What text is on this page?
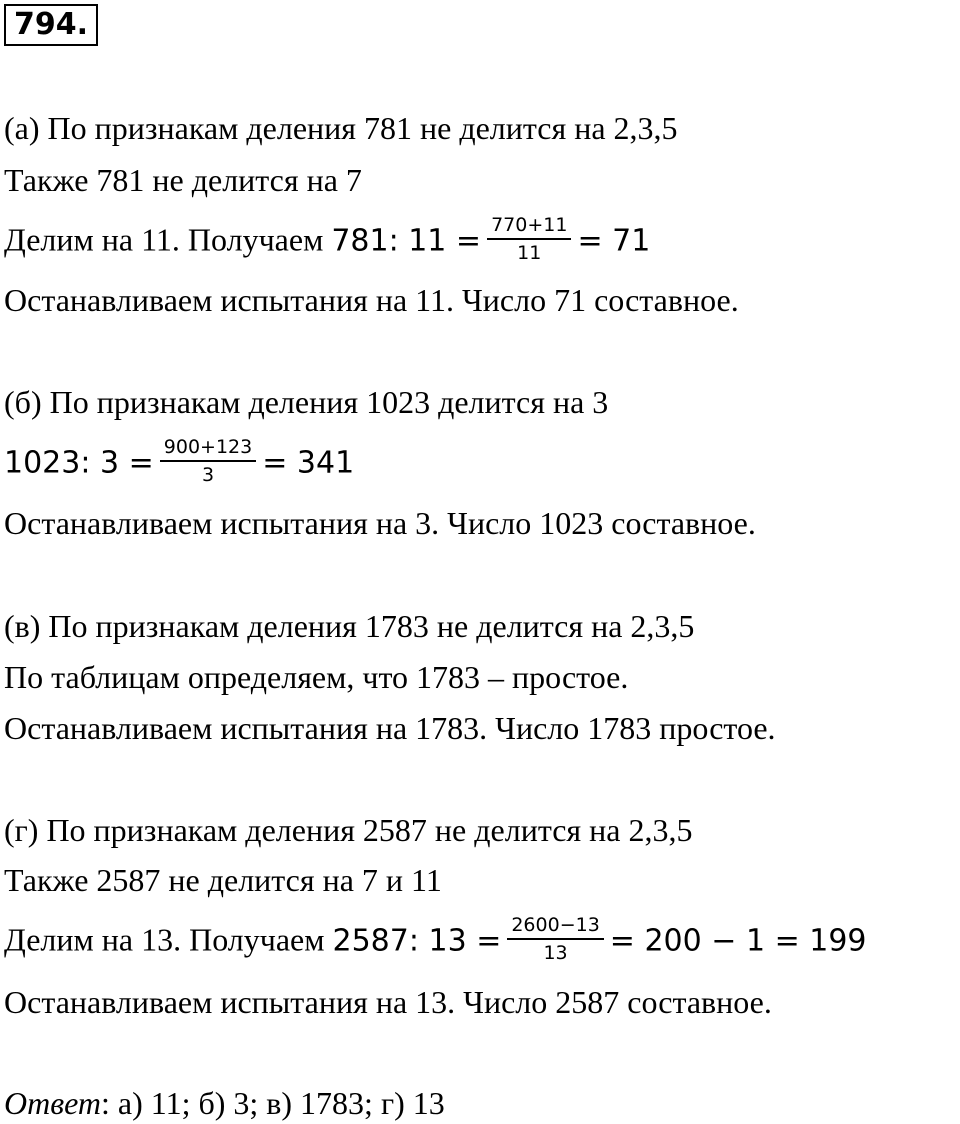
794.
(а) По признакам деления 781 не делится на 2,3,5
Также 781 не делится на 7
Делим на 11. Получаем 781: $11 = \frac{770+11}{11} = 71$
Останавливаем испытания на 11. Число 71 составное.
(б) По признакам деления 1023 делится на 3
1023: $3 = \frac{900+123}{3} = 341$
Останавливаем испытания на 3. Число 1023 составное.
(в) По признакам деления 1783 не делится на 2,3,5
По таблицам определяем, что 1783 – простое.
Останавливаем испытания на 1783. Число 1783 простое.
(г) По признакам деления 2587 не делится на 2,3,5
Также 2587 не делится на 7 и 11
Делим на 13. Получаем 2587: $13 = \frac{2600-13}{13} = 200 - 1 = 199$
Останавливаем испытания на 13. Число 2587 составное.
Ответ: а) 11; б) 3; в) 1783; г) 13
